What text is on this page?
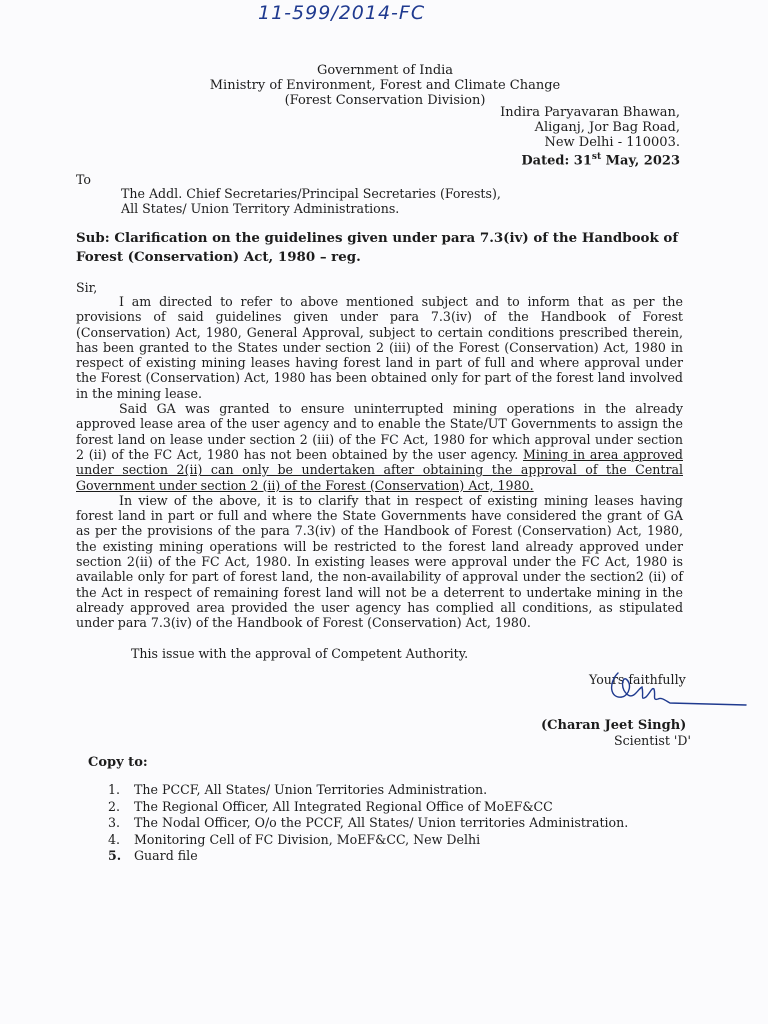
11-599/2014-FC
Government of India
Ministry of Environment, Forest and Climate Change
(Forest Conservation Division)
Indira Paryavaran Bhawan,
Aliganj, Jor Bag Road,
New Delhi - 110003.
Dated: 31st May, 2023
To
The Addl. Chief Secretaries/Principal Secretaries (Forests),
All States/ Union Territory Administrations.
Sub: Clarification on the guidelines given under para 7.3(iv) of the Handbook of Forest (Conservation) Act, 1980 – reg.
Sir,

I am directed to refer to above mentioned subject and to inform that as per the provisions of said guidelines given under para 7.3(iv) of the Handbook of Forest (Conservation) Act, 1980, General Approval, subject to certain conditions prescribed therein, has been granted to the States under section 2 (iii) of the Forest (Conservation) Act, 1980 in respect of existing mining leases having forest land in part of full and where approval under the Forest (Conservation) Act, 1980 has been obtained only for part of the forest land involved in the mining lease.

Said GA was granted to ensure uninterrupted mining operations in the already approved lease area of the user agency and to enable the State/UT Governments to assign the forest land on lease under section 2 (iii) of the FC Act, 1980 for which approval under section 2 (ii) of the FC Act, 1980 has not been obtained by the user agency. Mining in area approved under section 2(ii) can only be undertaken after obtaining the approval of the Central Government under section 2 (ii) of the Forest (Conservation) Act, 1980.

In view of the above, it is to clarify that in respect of existing mining leases having forest land in part or full and where the State Governments have considered the grant of GA as per the provisions of the para 7.3(iv) of the Handbook of Forest (Conservation) Act, 1980, the existing mining operations will be restricted to the forest land already approved under section 2(ii) of the FC Act, 1980. In existing leases were approval under the FC Act, 1980 is available only for part of forest land, the non-availability of approval under the section2 (ii) of the Act in respect of remaining forest land will not be a deterrent to undertake mining in the already approved area provided the user agency has complied all conditions, as stipulated under para 7.3(iv) of the Handbook of Forest (Conservation) Act, 1980.

This issue with the approval of Competent Authority.
Yours faithfully
(Charan Jeet Singh)
Scientist 'D'
Copy to:
1.	The PCCF, All States/ Union Territories Administration.
2.	The Regional Officer, All Integrated Regional Office of MoEF&CC
3.	The Nodal Officer, O/o the PCCF, All States/ Union territories Administration.
4.	Monitoring Cell of FC Division, MoEF&CC, New Delhi
5.	Guard file
